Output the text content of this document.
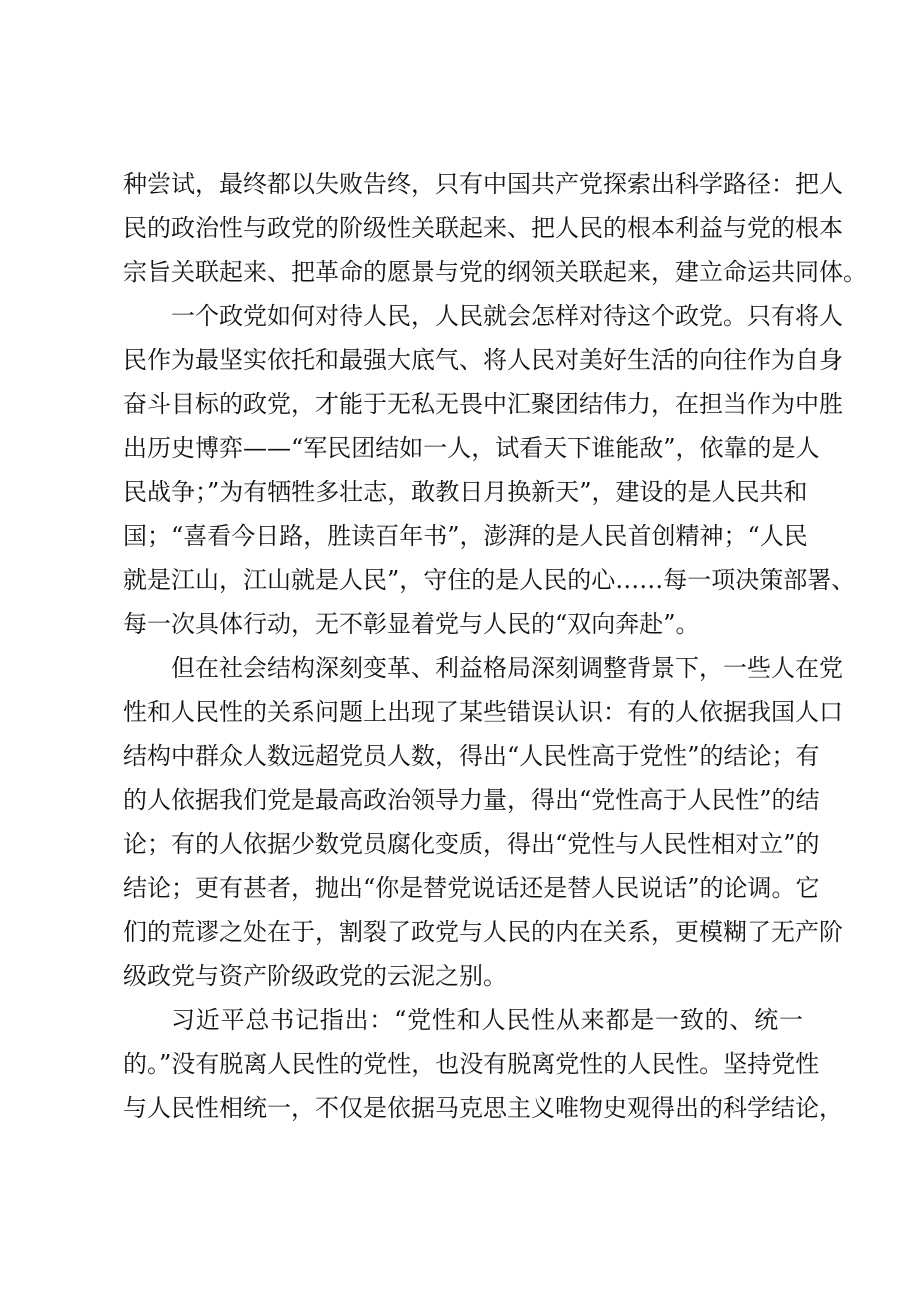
种尝试，最终都以失败告终，只有中国共产党探索出科学路径：把人
民的政治性与政党的阶级性关联起来、把人民的根本利益与党的根本
宗旨关联起来、把革命的愿景与党的纲领关联起来，建立命运共同体。
一个政党如何对待人民，人民就会怎样对待这个政党。只有将人
民作为最坚实依托和最强大底气、将人民对美好生活的向往作为自身
奋斗目标的政党，才能于无私无畏中汇聚团结伟力，在担当作为中胜
出历史博弈——“军民团结如一人，试看天下谁能敌”，依靠的是人
民战争；”为有牺牲多壮志，敢教日月换新天”，建设的是人民共和
国；“喜看今日路，胜读百年书”，澎湃的是人民首创精神；“人民
就是江山，江山就是人民”，守住的是人民的心……每一项决策部署、
每一次具体行动，无不彰显着党与人民的“双向奔赴”。
但在社会结构深刻变革、利益格局深刻调整背景下，一些人在党
性和人民性的关系问题上出现了某些错误认识：有的人依据我国人口
结构中群众人数远超党员人数，得出“人民性高于党性”的结论；有
的人依据我们党是最高政治领导力量，得出“党性高于人民性”的结
论；有的人依据少数党员腐化变质，得出“党性与人民性相对立”的
结论；更有甚者，抛出“你是替党说话还是替人民说话”的论调。它
们的荒谬之处在于，割裂了政党与人民的内在关系，更模糊了无产阶
级政党与资产阶级政党的云泥之别。
习近平总书记指出：“党性和人民性从来都是一致的、统一
的。”没有脱离人民性的党性，也没有脱离党性的人民性。坚持党性
与人民性相统一，不仅是依据马克思主义唯物史观得出的科学结论，
